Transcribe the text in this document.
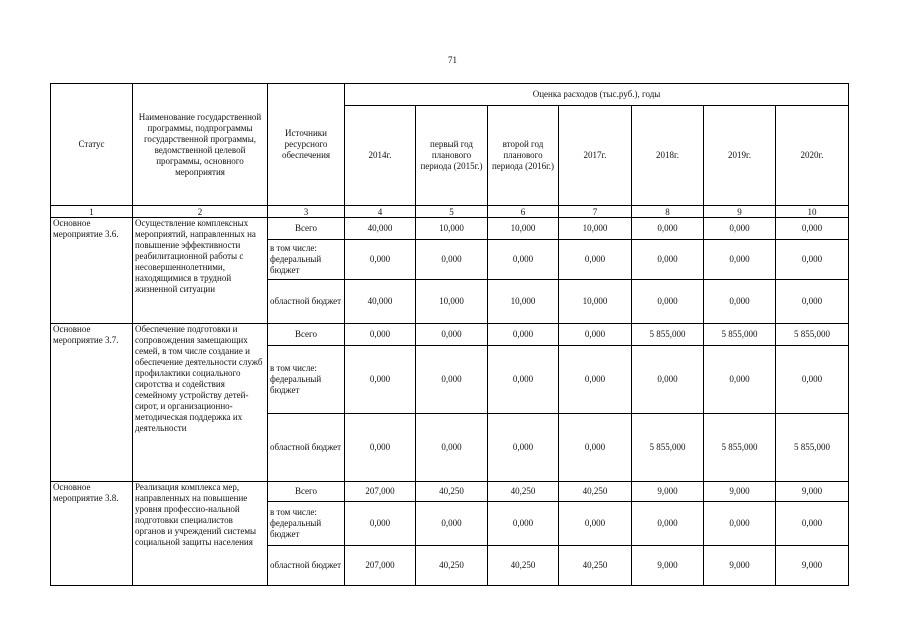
71
Статус	Наименование государственной программы, подпрограммы государственной программы, ведомственной целевой программы, основного мероприятия	Источники ресурсного обеспечения	Оценка расходов (тыс.руб.), годы						
			2014г.	первый год планового периода (2015г.)	второй год планового периода (2016г.)	2017г.	2018г.	2019г.	2020г.
1	2	3	4	5	6	7	8	9	10
Основное мероприятие 3.6.	Осуществление комплексных мероприятий, направленных на повышение эффективности реабилитационной работы с несовершеннолетними, находящимися в трудной жизненной ситуации	Всего	40,000	10,000	10,000	10,000	0,000	0,000	0,000
		в том числе: федеральный бюджет	0,000	0,000	0,000	0,000	0,000	0,000	0,000
		областной бюджет	40,000	10,000	10,000	10,000	0,000	0,000	0,000
Основное мероприятие 3.7.	Обеспечение подготовки и сопровождения замещающих семей, в том числе создание и обеспечение деятельности служб профилактики социального сиротства и содействия семейному устройству детей-сирот, и организационно-методическая поддержка их деятельности	Всего	0,000	0,000	0,000	0,000	5 855,000	5 855,000	5 855,000
		в том числе: федеральный бюджет	0,000	0,000	0,000	0,000	0,000	0,000	0,000
		областной бюджет	0,000	0,000	0,000	0,000	5 855,000	5 855,000	5 855,000
Основное мероприятие 3.8.	Реализация комплекса мер, направленных на повышение уровня профессио-нальной подготовки специалистов органов и учреждений системы социальной защиты населения	Всего	207,000	40,250	40,250	40,250	9,000	9,000	9,000
		в том числе: федеральный бюджет	0,000	0,000	0,000	0,000	0,000	0,000	0,000
		областной бюджет	207,000	40,250	40,250	40,250	9,000	9,000	9,000
